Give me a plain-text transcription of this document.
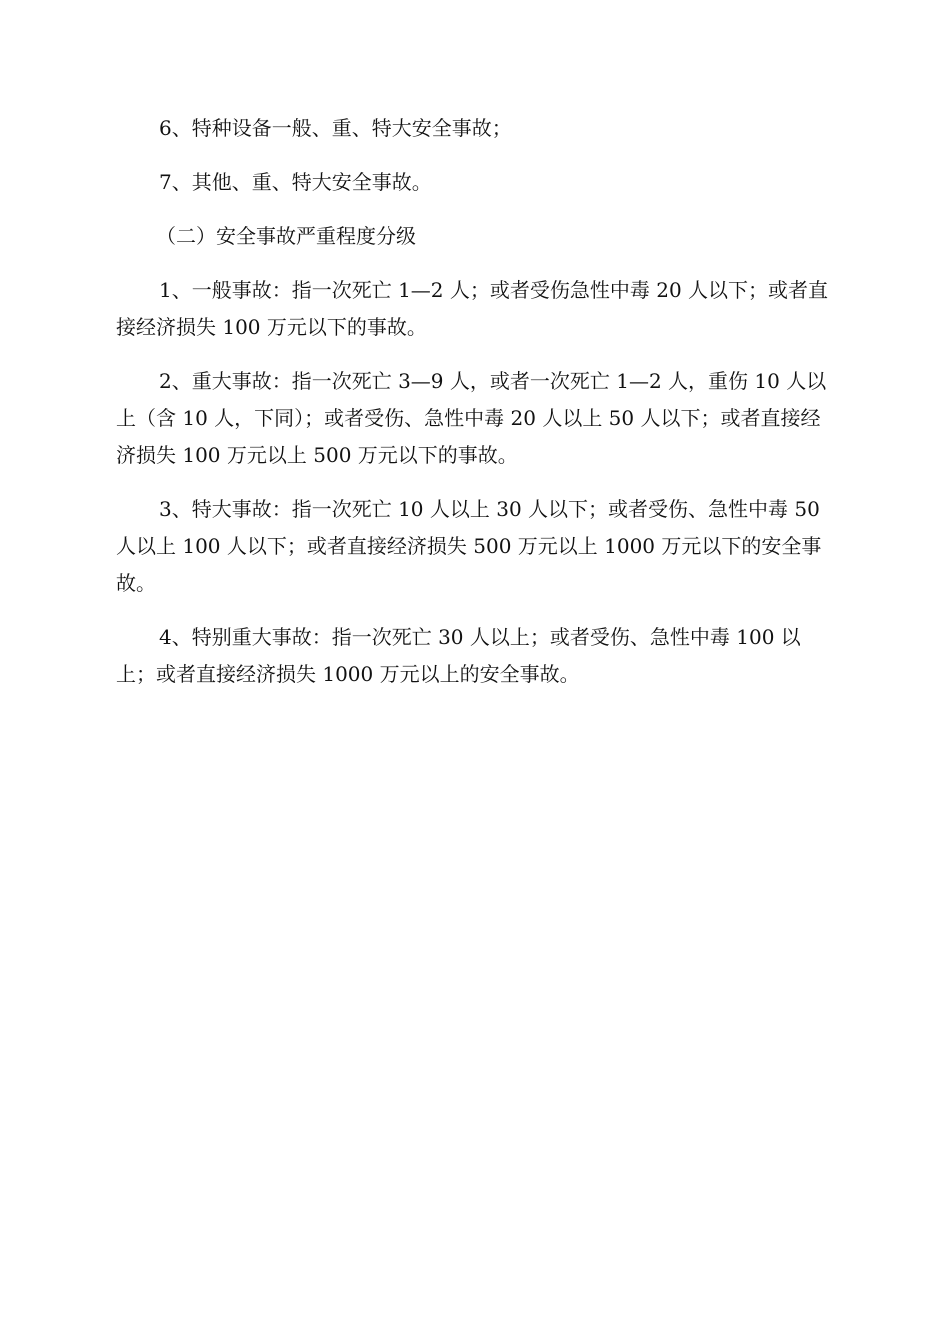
6、特种设备一般、重、特大安全事故；

7、其他、重、特大安全事故。

（二）安全事故严重程度分级

1、一般事故：指一次死亡 1—2 人；或者受伤急性中毒 20 人以下；或者直接经济损失 100 万元以下的事故。

2、重大事故：指一次死亡 3—9 人，或者一次死亡 1—2 人，重伤 10 人以上（含 10 人，下同）；或者受伤、急性中毒 20 人以上 50 人以下；或者直接经济损失 100 万元以上 500 万元以下的事故。

3、特大事故：指一次死亡 10 人以上 30 人以下；或者受伤、急性中毒 50 人以上 100 人以下；或者直接经济损失 500 万元以上 1000 万元以下的安全事故。

4、特别重大事故：指一次死亡 30 人以上；或者受伤、急性中毒 100 以上；或者直接经济损失 1000 万元以上的安全事故。
